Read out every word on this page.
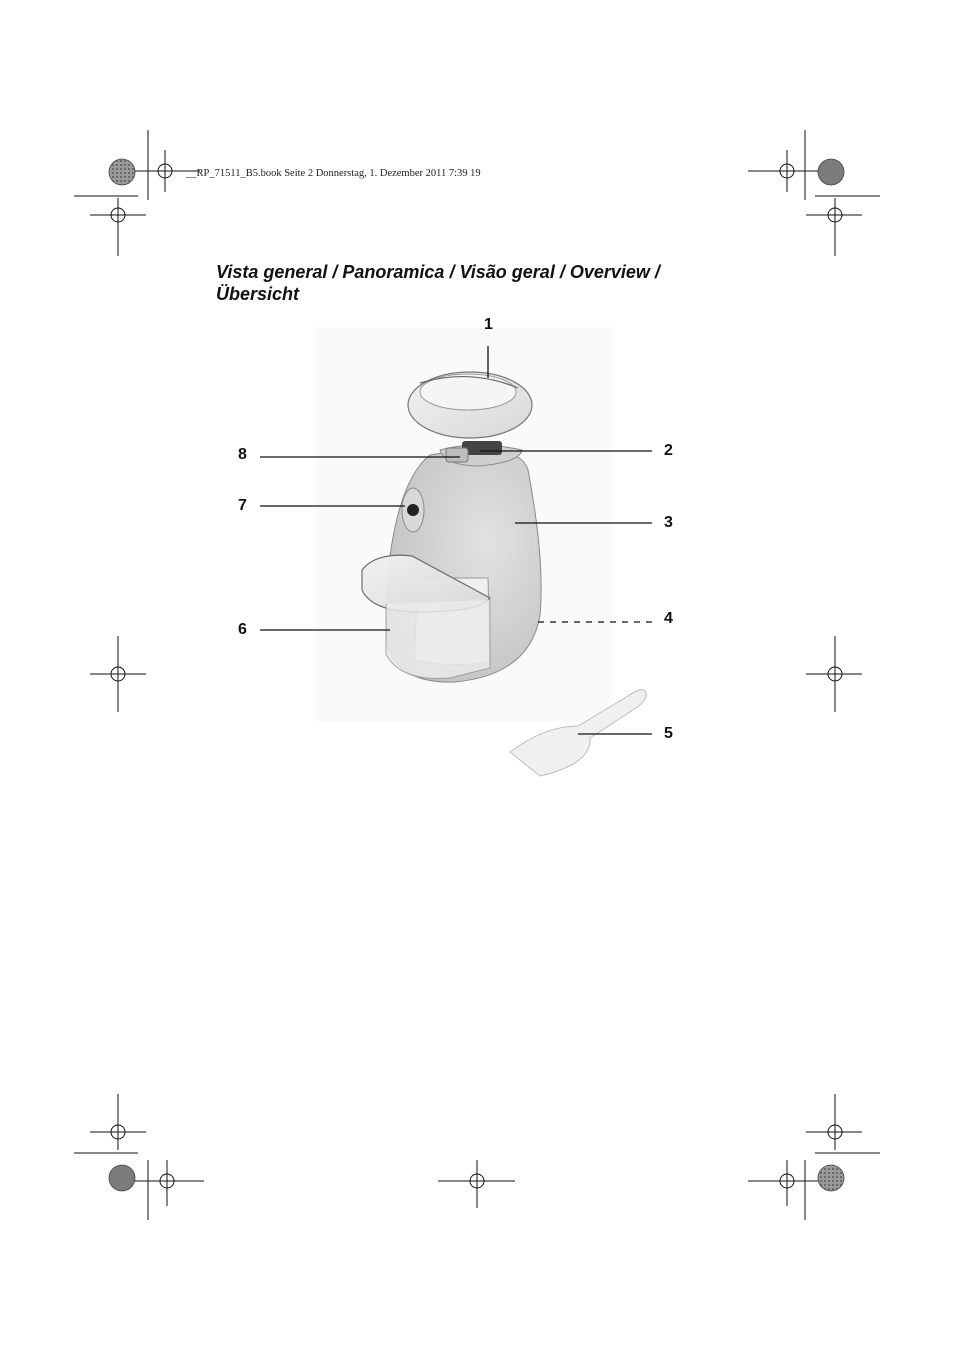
__RP_71511_B5.book Seite 2 Donnerstag, 1. Dezember 2011 7:39 19
Vista general / Panoramica / Visão geral / Overview /
Übersicht
1
2
3
4
5
6
7
8
